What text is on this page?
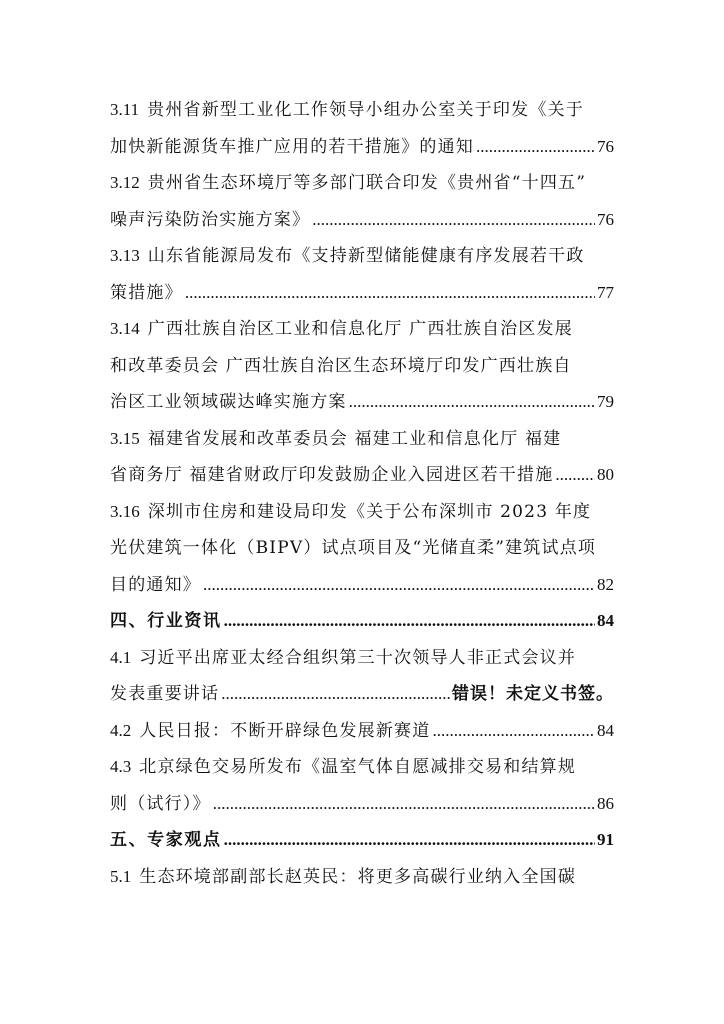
3.11 贵州省新型工业化工作领导小组办公室关于印发《关于
加快新能源货车推广应用的若干措施》的通知 .....	76
3.12 贵州省生态环境厅等多部门联合印发《贵州省“十四五”
噪声污染防治实施方案》 .....	76
3.13 山东省能源局发布《支持新型储能健康有序发展若干政
策措施》 .....	77
3.14 广西壮族自治区工业和信息化厅 广西壮族自治区发展
和改革委员会 广西壮族自治区生态环境厅印发广西壮族自
治区工业领域碳达峰实施方案 .....	79
3.15 福建省发展和改革委员会 福建工业和信息化厅 福建
省商务厅 福建省财政厅印发鼓励企业入园进区若干措施 .....	80
3.16 深圳市住房和建设局印发《关于公布深圳市 2023 年度
光伏建筑一体化（BIPV）试点项目及“光储直柔”建筑试点项
目的通知》 .....	82
四、行业资讯 .....	84
4.1 习近平出席亚太经合组织第三十次领导人非正式会议并
发表重要讲话 .....	错误！未定义书签。
4.2 人民日报：不断开辟绿色发展新赛道 .....	84
4.3 北京绿色交易所发布《温室气体自愿减排交易和结算规
则（试行）》 .....	86
五、专家观点 .....	91
5.1 生态环境部副部长赵英民：将更多高碳行业纳入全国碳
